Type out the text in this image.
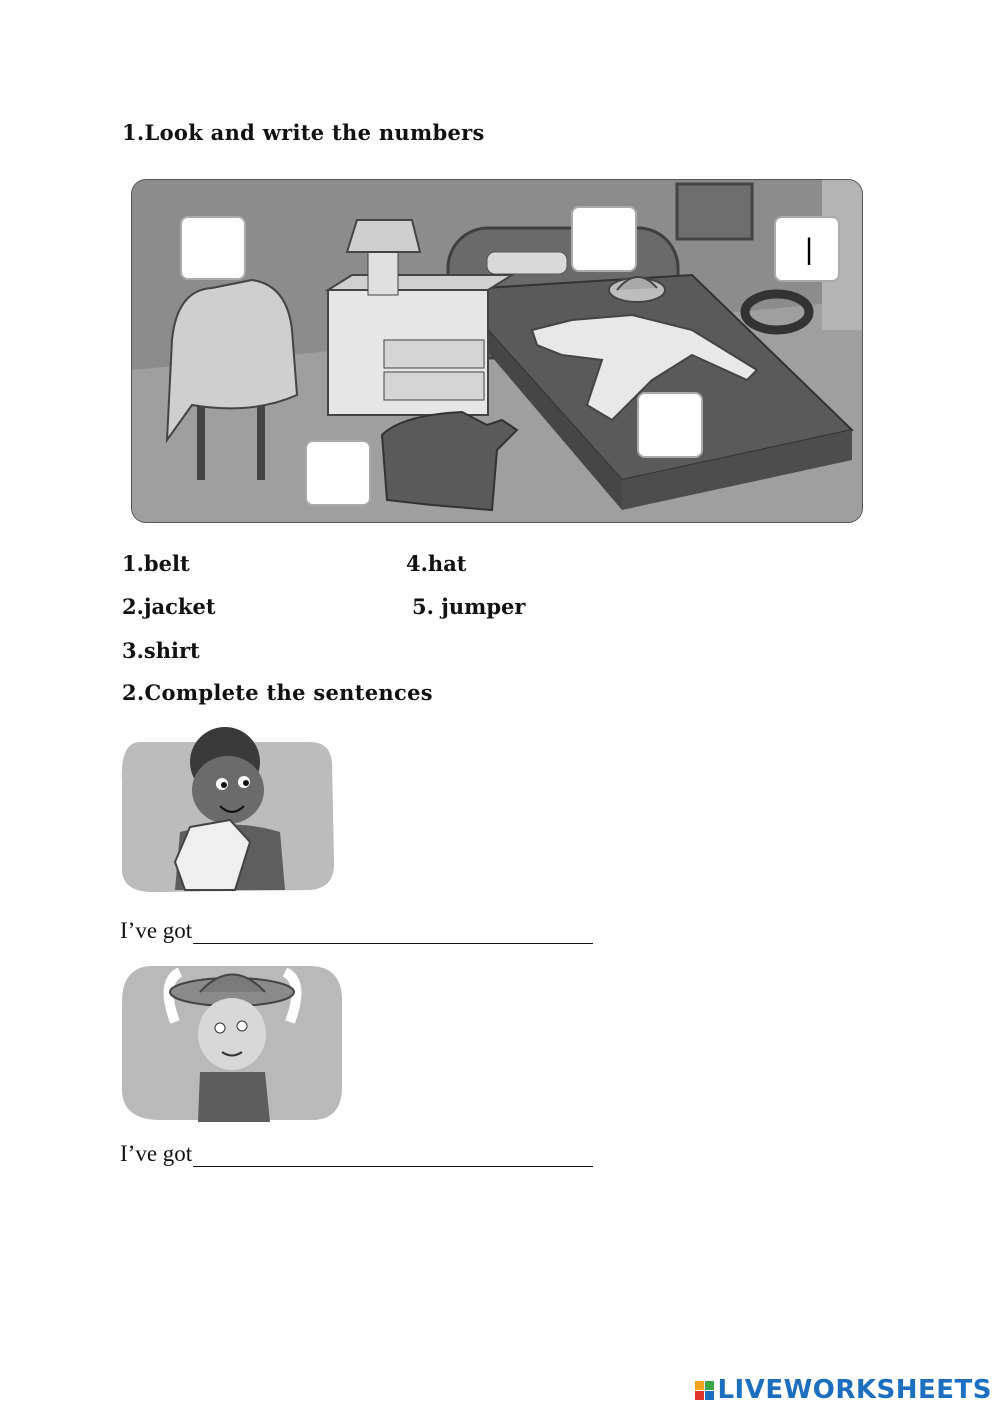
1.Look and write the numbers
|
1.belt	4.hat
2.jacket	5. jumper
3.shirt
2.Complete the sentences
I’ve got
I’ve got
LIVEWORKSHEETS
